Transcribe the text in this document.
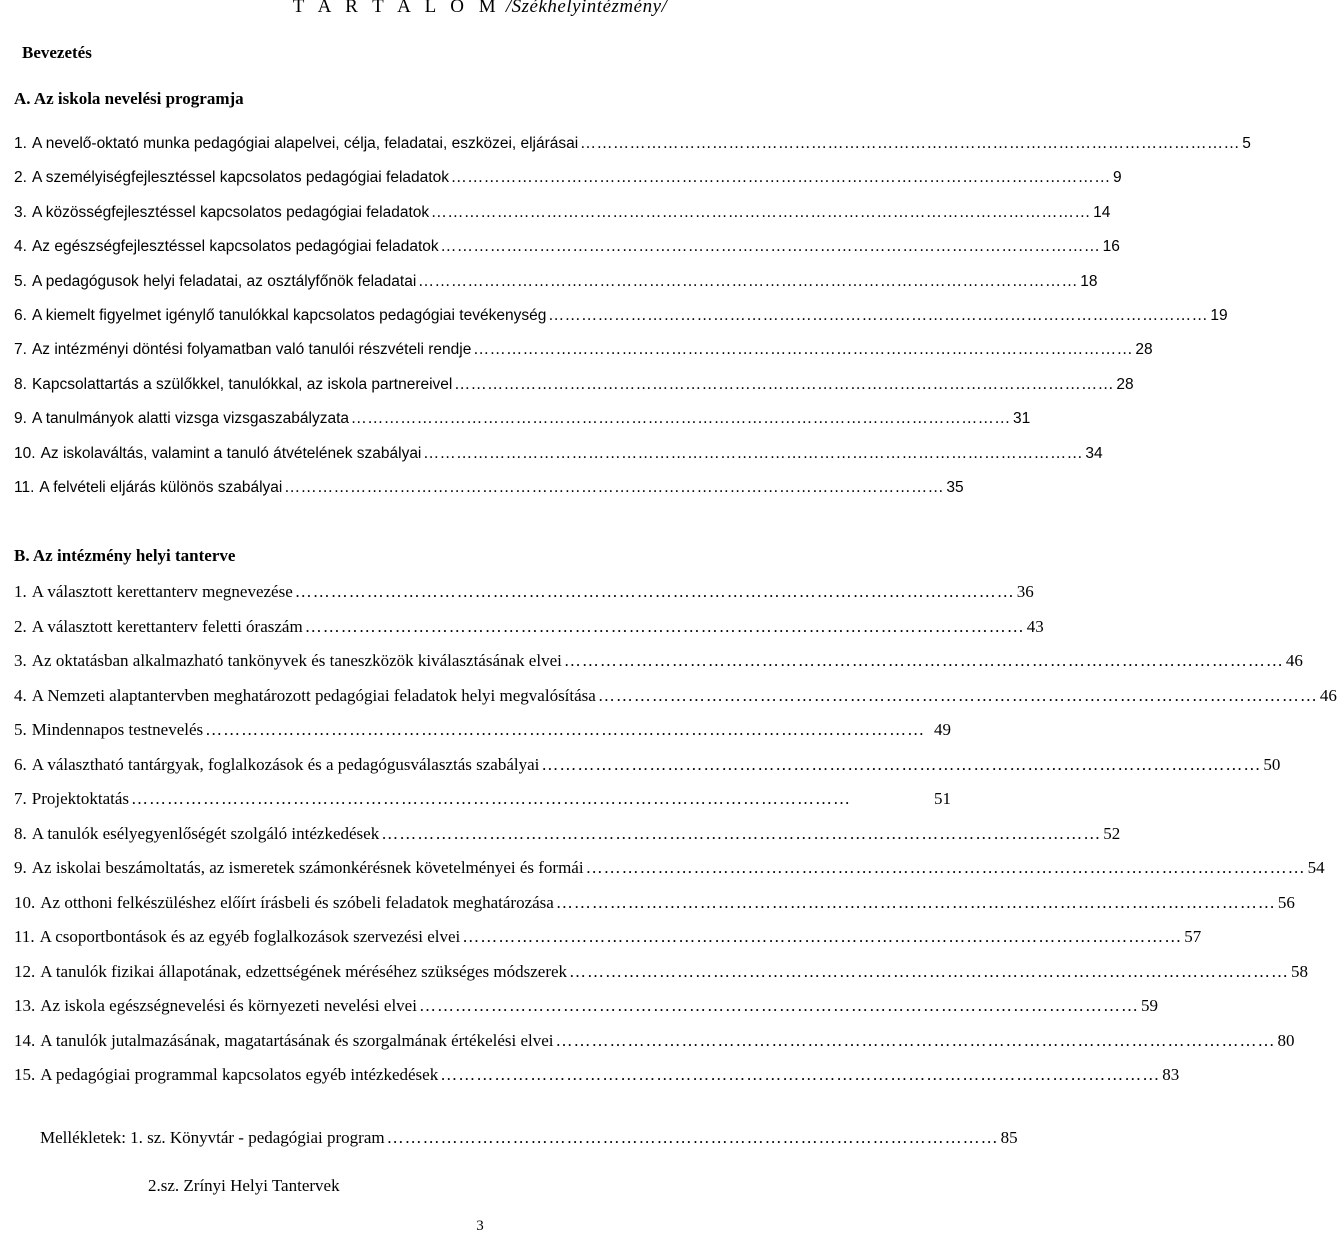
T A R T A L O M /Székhelyintézmény/
Bevezetés
A. Az iskola nevelési programja
1. A nevelő-oktató munka pedagógiai alapelvei, célja, feladatai, eszközei, eljárásai ………………………………………………………………………………………………………… 5
2. A személyiségfejlesztéssel kapcsolatos pedagógiai feladatok ………………………………………………………………………………………………………… 9
3. A közösségfejlesztéssel kapcsolatos pedagógiai feladatok ………………………………………………………………………………………………………… 14
4. Az egészségfejlesztéssel kapcsolatos pedagógiai feladatok ………………………………………………………………………………………………………… 16
5. A pedagógusok helyi feladatai, az osztályfőnök feladatai ………………………………………………………………………………………………………… 18
6. A kiemelt figyelmet igénylő tanulókkal kapcsolatos pedagógiai tevékenység ………………………………………………………………………………………………………… 19
7. Az intézményi döntési folyamatban való tanulói részvételi rendje ………………………………………………………………………………………………………… 28
8. Kapcsolattartás a szülőkkel, tanulókkal, az iskola partnereivel ………………………………………………………………………………………………………… 28
9. A tanulmányok alatti vizsga vizsgaszabályzata ………………………………………………………………………………………………………… 31
10. Az iskolaváltás, valamint a tanuló átvételének szabályai ………………………………………………………………………………………………………… 34
11. A felvételi eljárás különös szabályai ………………………………………………………………………………………………………… 35
B. Az intézmény helyi tanterve
1. A választott kerettanterv megnevezése ………………………………………………………………………………………………………… 36
2. A választott kerettanterv feletti óraszám ………………………………………………………………………………………………………… 43
3. Az oktatásban alkalmazható tankönyvek és taneszközök kiválasztásának elvei ………………………………………………………………………………………………………… 46
4. A Nemzeti alaptantervben meghatározott pedagógiai feladatok helyi megvalósítása ………………………………………………………………………………………………………… 46
5. Mindennapos testnevelés ………………………………………………………………………………………………………… 49
6. A választható tantárgyak, foglalkozások és a pedagógusválasztás szabályai ………………………………………………………………………………………………………… 50
7. Projektoktatás …………………………………………………………………………………………………………	51
8. A tanulók esélyegyenlőségét szolgáló intézkedések ………………………………………………………………………………………………………… 52
9. Az iskolai beszámoltatás, az ismeretek számonkérésnek követelményei és formái ………………………………………………………………………………………………………… 54
10. Az otthoni felkészüléshez előírt írásbeli és szóbeli feladatok meghatározása ………………………………………………………………………………………………………… 56
11. A csoportbontások és az egyéb foglalkozások szervezési elvei ………………………………………………………………………………………………………… 57
12. A tanulók fizikai állapotának, edzettségének méréséhez szükséges módszerek ………………………………………………………………………………………………………… 58
13. Az iskola egészségnevelési és környezeti nevelési elvei ………………………………………………………………………………………………………… 59
14. A tanulók jutalmazásának, magatartásának és szorgalmának értékelési elvei ………………………………………………………………………………………………………… 80
15. A pedagógiai programmal kapcsolatos egyéb intézkedések ………………………………………………………………………………………………………… 83
Mellékletek: 1. sz. Könyvtár - pedagógiai program ………………………………………………………………………………………… 85
2.sz. Zrínyi Helyi Tantervek
3
